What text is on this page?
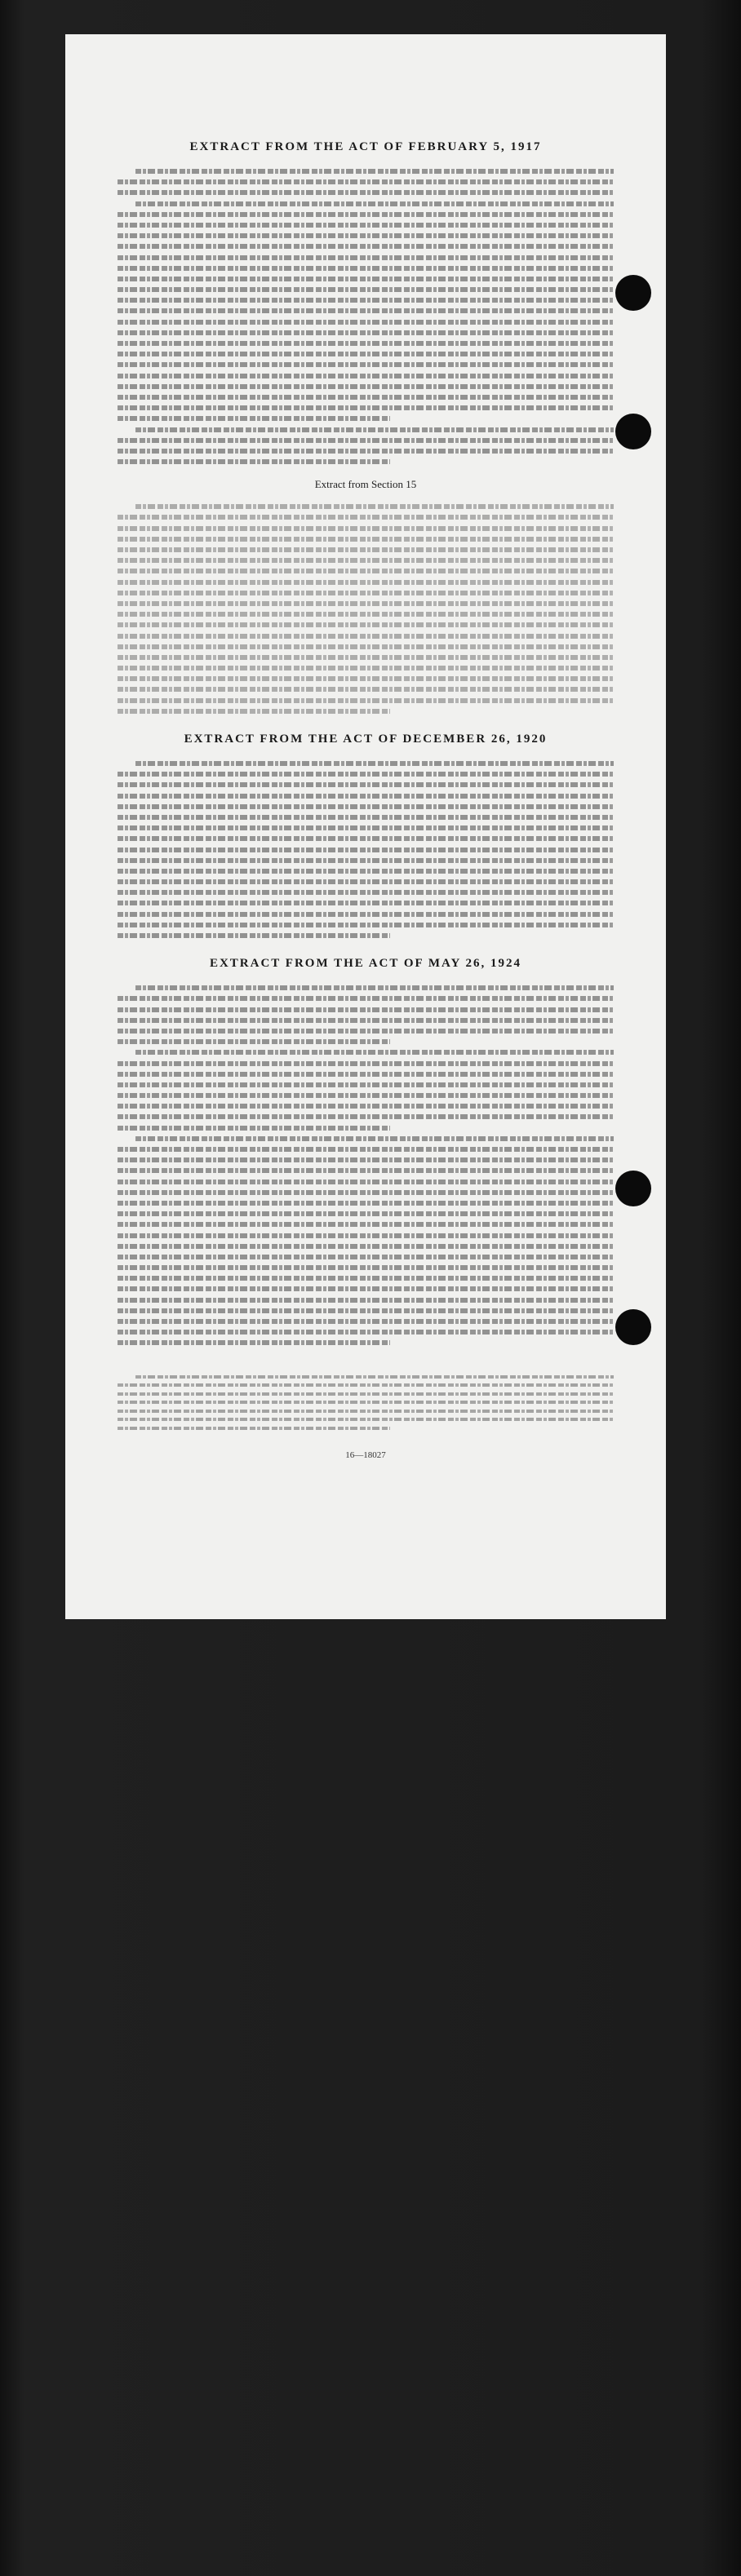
EXTRACT FROM THE ACT OF FEBRUARY 5, 1917
Extract from Section 15
EXTRACT FROM THE ACT OF DECEMBER 26, 1920
EXTRACT FROM THE ACT OF MAY 26, 1924
16—18027
